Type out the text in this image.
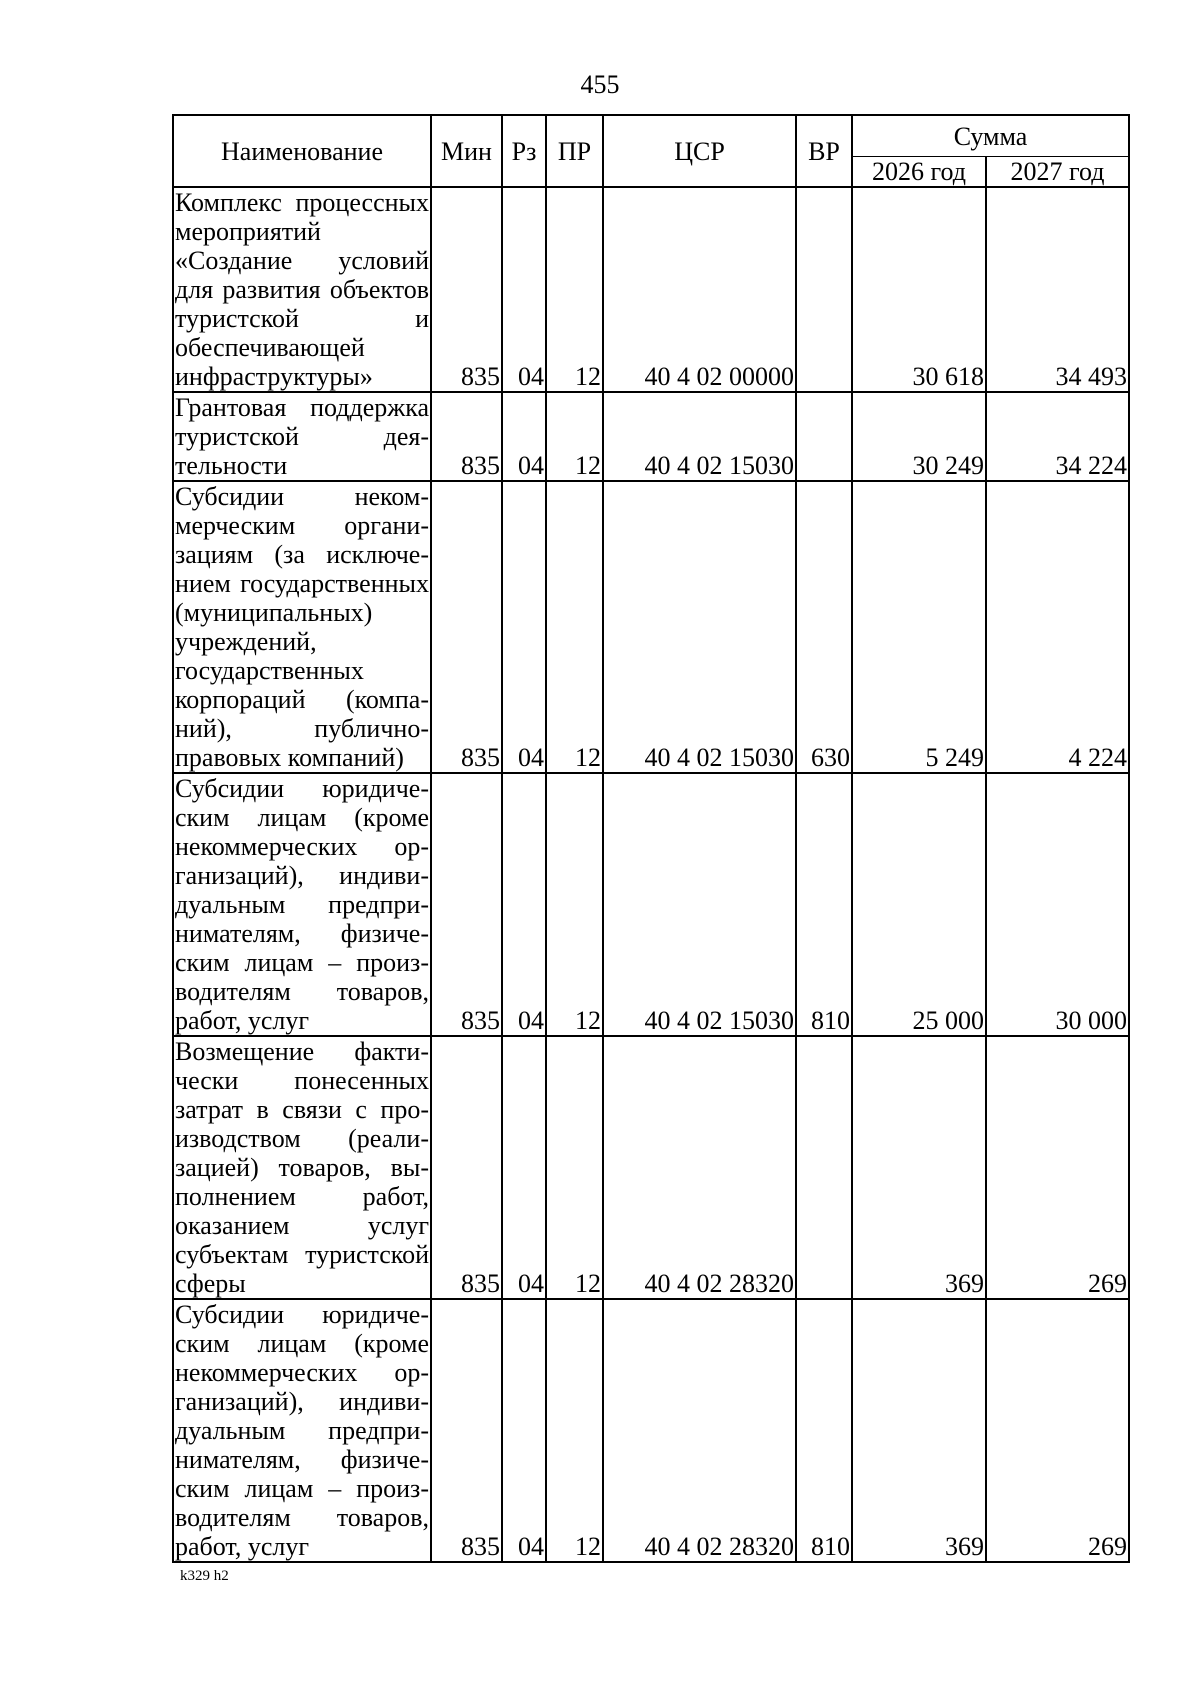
455
Наименование	Мин	Рз	ПР	ЦСР	ВР	Сумма	
						2026 год	2027 год
Комплекс процессных мероприятий «Создание условий для развития объектов туристской и обеспечивающей инфраструктуры»	835	04	12	40 4 02 00000		30 618	34 493
Грантовая поддержка туристской деятельности	835	04	12	40 4 02 15030		30 249	34 224
Субсидии некоммерческим организациям (за исключением государственных (муниципальных) учреждений, государственных корпораций (компаний), публично-правовых компаний)	835	04	12	40 4 02 15030	630	5 249	4 224
Субсидии юридическим лицам (кроме некоммерческих организаций), индивидуальным предпринимателям, физическим лицам – производителям товаров, работ, услуг	835	04	12	40 4 02 15030	810	25 000	30 000
Возмещение фактически понесенных затрат в связи с производством (реализацией) товаров, выполнением работ, оказанием услуг субъектам туристской сферы	835	04	12	40 4 02 28320		369	269
Субсидии юридическим лицам (кроме некоммерческих организаций), индивидуальным предпринимателям, физическим лицам – производителям товаров, работ, услуг	835	04	12	40 4 02 28320	810	369	269
k329 h2
